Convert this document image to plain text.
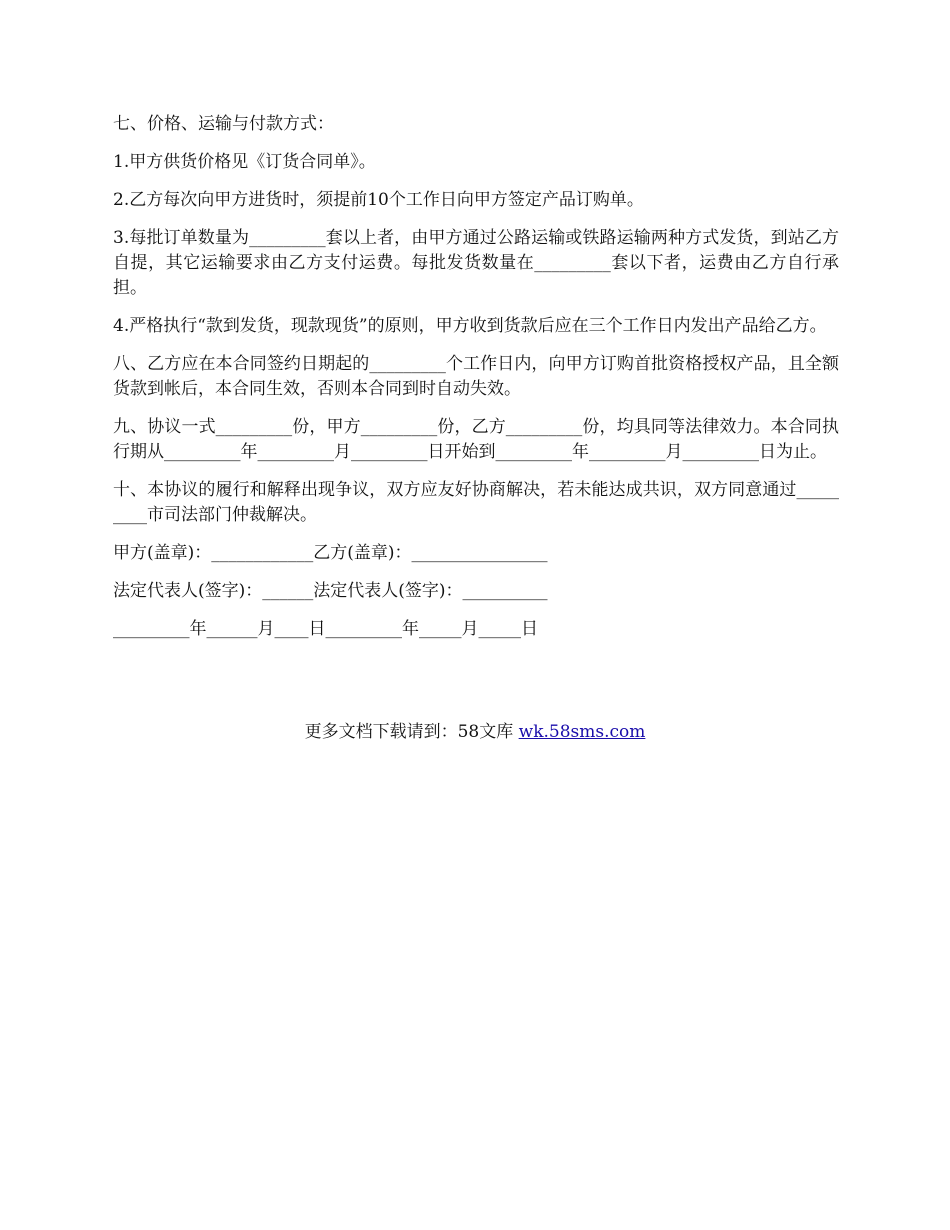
七、价格、运输与付款方式：

1.甲方供货价格见《订货合同单》。

2.乙方每次向甲方进货时，须提前10个工作日向甲方签定产品订购单。

3.每批订单数量为_________套以上者，由甲方通过公路运输或铁路运输两种方式发货，到站乙方自提，其它运输要求由乙方支付运费。每批发货数量在_________套以下者，运费由乙方自行承担。

4.严格执行“款到发货，现款现货”的原则，甲方收到货款后应在三个工作日内发出产品给乙方。

八、乙方应在本合同签约日期起的_________个工作日内，向甲方订购首批资格授权产品，且全额货款到帐后，本合同生效，否则本合同到时自动失效。

九、协议一式_________份，甲方_________份，乙方_________份，均具同等法律效力。本合同执行期从_________年_________月_________日开始到_________年_________月_________日为止。

十、本协议的履行和解释出现争议，双方应友好协商解决，若未能达成共识，双方同意通过_________市司法部门仲裁解决。

甲方(盖章)：____________乙方(盖章)：________________

法定代表人(签字)：______法定代表人(签字)：__________

_________年______月____日_________年_____月_____日

更多文档下载请到：58文库 wk.58sms.com
